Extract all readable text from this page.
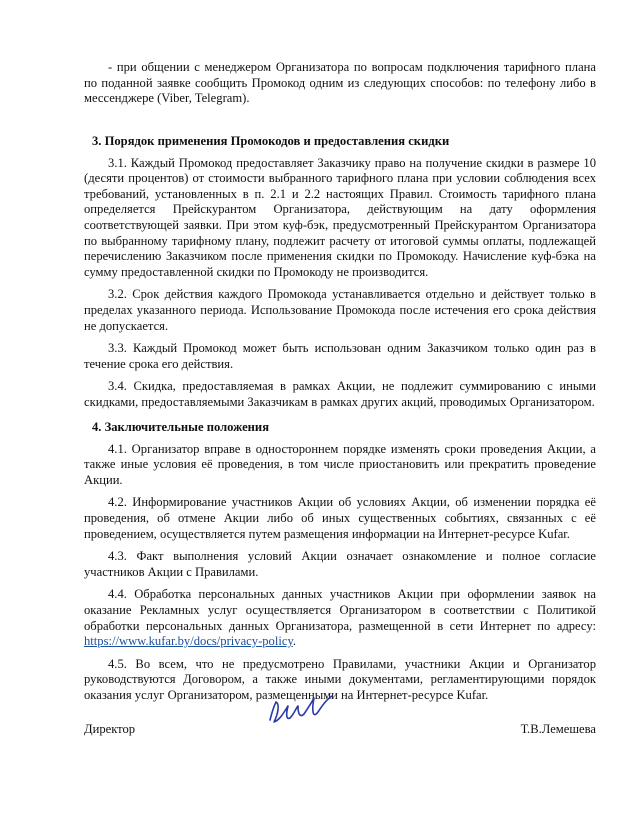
- при общении с менеджером Организатора по вопросам подключения тарифного плана по поданной заявке сообщить Промокод одним из следующих способов: по телефону либо в мессенджере (Viber, Telegram).

3. Порядок применения Промокодов и предоставления скидки

3.1. Каждый Промокод предоставляет Заказчику право на получение скидки в размере 10 (десяти процентов) от стоимости выбранного тарифного плана при условии соблюдения всех требований, установленных в п. 2.1 и 2.2 настоящих Правил. Стоимость тарифного плана определяется Прейскурантом Организатора, действующим на дату оформления соответствующей заявки. При этом куф-бэк, предусмотренный Прейскурантом Организатора по выбранному тарифному плану, подлежит расчету от итоговой суммы оплаты, подлежащей перечислению Заказчиком после применения скидки по Промокоду. Начисление куф-бэка на сумму предоставленной скидки по Промокоду не производится.

3.2. Срок действия каждого Промокода устанавливается отдельно и действует только в пределах указанного периода. Использование Промокода после истечения его срока действия не допускается.

3.3. Каждый Промокод может быть использован одним Заказчиком только один раз в течение срока его действия.

3.4. Скидка, предоставляемая в рамках Акции, не подлежит суммированию с иными скидками, предоставляемыми Заказчикам в рамках других акций, проводимых Организатором.

4. Заключительные положения

4.1. Организатор вправе в одностороннем порядке изменять сроки проведения Акции, а также иные условия её проведения, в том числе приостановить или прекратить проведение Акции.

4.2. Информирование участников Акции об условиях Акции, об изменении порядка её проведения, об отмене Акции либо об иных существенных событиях, связанных с её проведением, осуществляется путем размещения информации на Интернет-ресурсе Kufar.

4.3. Факт выполнения условий Акции означает ознакомление и полное согласие участников Акции с Правилами.

4.4. Обработка персональных данных участников Акции при оформлении заявок на оказание Рекламных услуг осуществляется Организатором в соответствии с Политикой обработки персональных данных Организатора, размещенной в сети Интернет по адресу: https://www.kufar.by/docs/privacy-policy.

4.5. Во всем, что не предусмотрено Правилами, участники Акции и Организатор руководствуются Договором, а также иными документами, регламентирующими порядок оказания услуг Организатором, размещенными на Интернет-ресурсе Kufar.

Директор	Т.В.Лемешева
